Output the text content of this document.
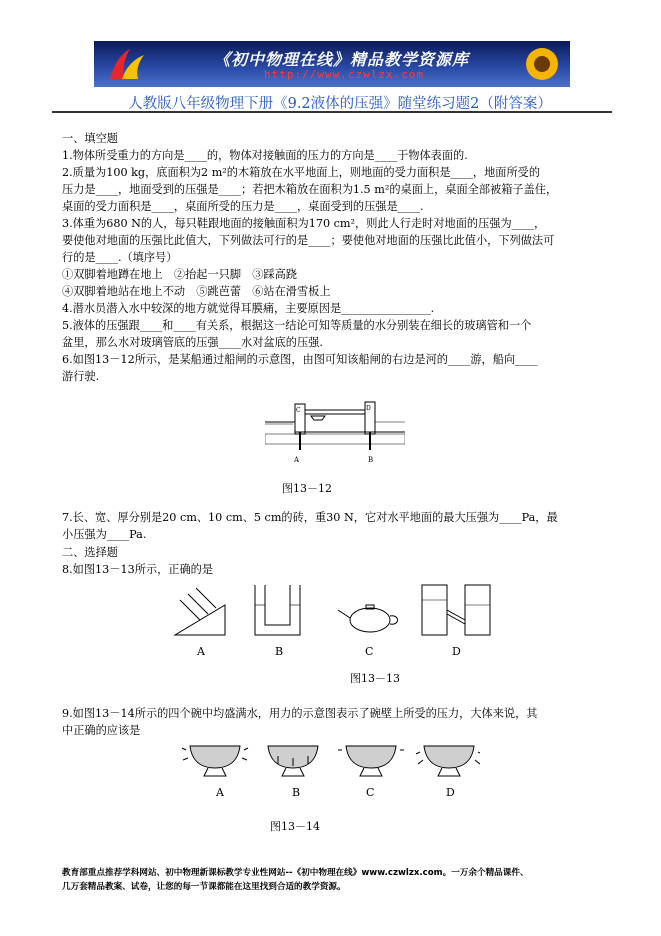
《初中物理在线》精品教学资源库
http://www.czwlzx.com
人教版八年级物理下册《9.2液体的压强》随堂练习题2（附答案）
一、填空题
1.物体所受重力的方向是____的，物体对接触面的压力的方向是____于物体表面的.
2.质量为100 kg，底面积为2 m²的木箱放在水平地面上，则地面的受力面积是____，地面所受的
压力是____，地面受到的压强是____；若把木箱放在面积为1.5 m²的桌面上，桌面全部被箱子盖住，
桌面的受力面积是____，桌面所受的压力是____，桌面受到的压强是____.
3.体重为680 N的人，每只鞋跟地面的接触面积为170 cm²，则此人行走时对地面的压强为____，
要使他对地面的压强比此值大，下列做法可行的是____；要使他对地面的压强比此值小，下列做法可
行的是____.（填序号）
①双脚着地蹲在地上　②抬起一只脚　③踩高跷
④双脚着地站在地上不动　⑤跳芭蕾　⑥站在滑雪板上
4.潜水员潜入水中较深的地方就觉得耳膜痛，主要原因是________________.
5.液体的压强跟____和____有关系，根据这一结论可知等质量的水分别装在细长的玻璃管和一个
盆里，那么水对玻璃管底的压强____水对盆底的压强.
6.如图13－12所示，是某船通过船闸的示意图，由图可知该船闸的右边是河的____游，船向____
游行驶.
A	B
C	D
图13－12
7.长、宽、厚分别是20 cm、10 cm、5 cm的砖，重30 N，它对水平地面的最大压强为____Pa，最
小压强为____Pa.
二、选择题
8.如图13－13所示，正确的是
A	B	C	D
图13－13
9.如图13－14所示的四个碗中均盛满水，用力的示意图表示了碗壁上所受的压力，大体来说，其
中正确的应该是
A	B	C	D
图13－14
教育部重点推荐学科网站、初中物理新课标教学专业性网站--《初中物理在线》www.czwlzx.com。一万余个精品课件、
几万套精品教案、试卷，让您的每一节课都能在这里找到合适的教学资源。
